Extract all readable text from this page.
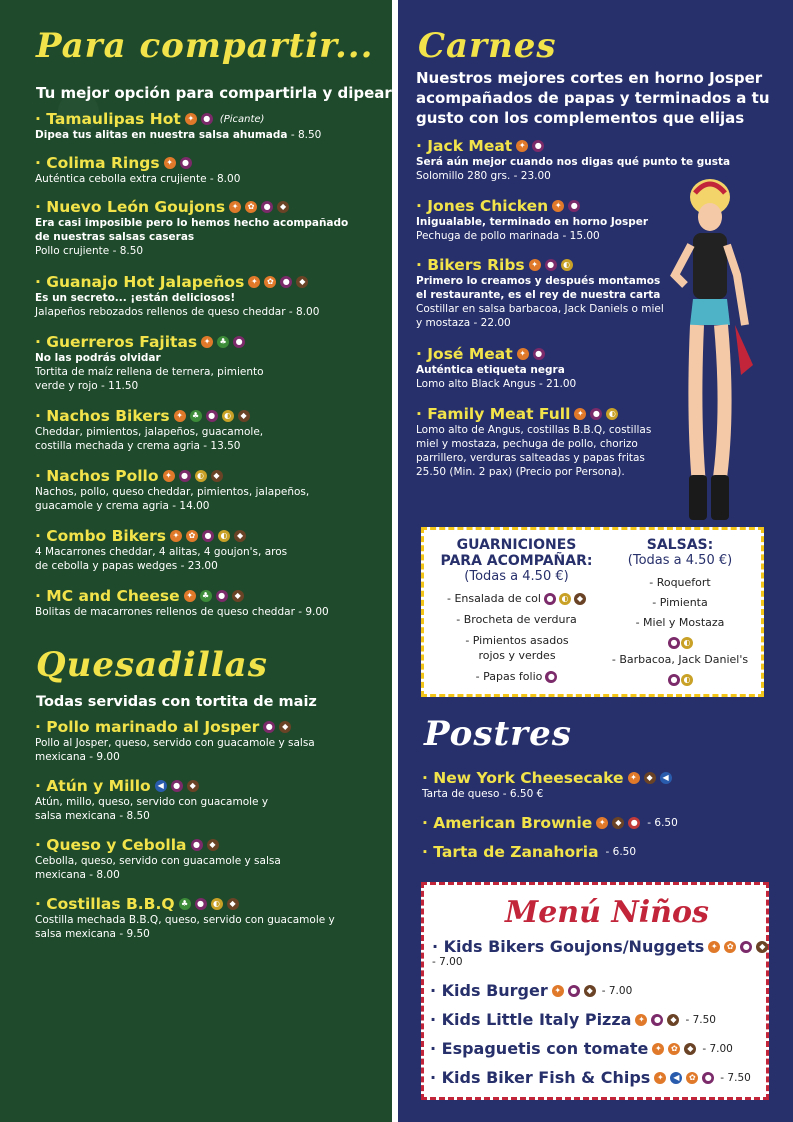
Para compartir...
Tu mejor opción para compartirla y dipear
· Tamaulipas Hot ✦	● (Picante)
Dipea tus alitas en nuestra salsa ahumada - 8.50
· Colima Rings ✦	●
Auténtica cebolla extra crujiente - 8.00
· Nuevo León Goujons ✦	✿	●	◆
Era casi imposible pero lo hemos hecho acompañado de nuestras salsas caseras
Pollo crujiente - 8.50
· Guanajo Hot Jalapeños ✦	✿	●	◆
Es un secreto... ¡están deliciosos!
Jalapeños rebozados rellenos de queso cheddar - 8.00
· Guerreros Fajitas ✦	♣	●
No las podrás olvidar
Tortita de maíz rellena de ternera, pimiento verde y rojo - 11.50
· Nachos Bikers ✦	♣	●	◐	◆
Cheddar, pimientos, jalapeños, guacamole, costilla mechada y crema agria - 13.50
· Nachos Pollo ✦	●	◐	◆
Nachos, pollo, queso cheddar, pimientos, jalapeños, guacamole y crema agria - 14.00
· Combo Bikers ✦	✿	●	◐	◆
4 Macarrones cheddar, 4 alitas, 4 goujon's, aros de cebolla y papas wedges - 23.00
· MC and Cheese ✦	♣	●	◆
Bolitas de macarrones rellenos de queso cheddar - 9.00
Quesadillas
Todas servidas con tortita de maiz
· Pollo marinado al Josper ●	◆
Pollo al Josper, queso, servido con guacamole y salsa mexicana - 9.00
· Atún y Millo ◀	●	◆
Atún, millo, queso, servido con guacamole y salsa mexicana - 8.50
· Queso y Cebolla ●	◆
Cebolla, queso, servido con guacamole y salsa mexicana - 8.00
· Costillas B.B.Q ♣	●	◐	◆
Costilla mechada B.B.Q, queso, servido con guacamole y salsa mexicana - 9.50
Carnes
Nuestros mejores cortes en horno Josper acompañados de papas y terminados a tu gusto con los complementos que elijas
· Jack Meat ✦	●
Será aún mejor cuando nos digas qué punto te gusta
Solomillo 280 grs. - 23.00
· Jones Chicken ✦	●
Inigualable, terminado en horno Josper
Pechuga de pollo marinada - 15.00
· Bikers Ribs ✦	●	◐
Primero lo creamos y después montamos el restaurante, es el rey de nuestra carta
Costillar en salsa barbacoa, Jack Daniels o miel y mostaza - 22.00
· José Meat ✦	●
Auténtica etiqueta negra
Lomo alto Black Angus - 21.00
· Family Meat Full ✦	●	◐
Lomo alto de Angus, costillas B.B.Q, costillas miel y mostaza, pechuga de pollo, chorizo parrillero, verduras salteadas y papas fritas 25.50 (Min. 2 pax) (Precio por Persona).
GUARNICIONES PARA ACOMPAÑAR:
(Todas a 4.50 €)
- Ensalada de col ●	◐	◆
- Brocheta de verdura
- Pimientos asados rojos y verdes
- Papas folio ●
SALSAS:
(Todas a 4.50 €)
- Roquefort
- Pimienta
- Miel y Mostaza
● ◐
- Barbacoa, Jack Daniel's
● ◐
Postres
· New York Cheesecake ✦	◆	◀
Tarta de queso - 6.50 €
· American Brownie ✦	◆	● - 6.50
· Tarta de Zanahoria - 6.50
Menú Niños
· Kids Bikers Goujons/Nuggets ✦	✿	●	◆
- 7.00
· Kids Burger ✦	●	◆ - 7.00
· Kids Little Italy Pizza ✦	●	◆ - 7.50
· Espaguetis con tomate ✦	✿	◆ - 7.00
· Kids Biker Fish & Chips ✦	◀	✿	● - 7.50
